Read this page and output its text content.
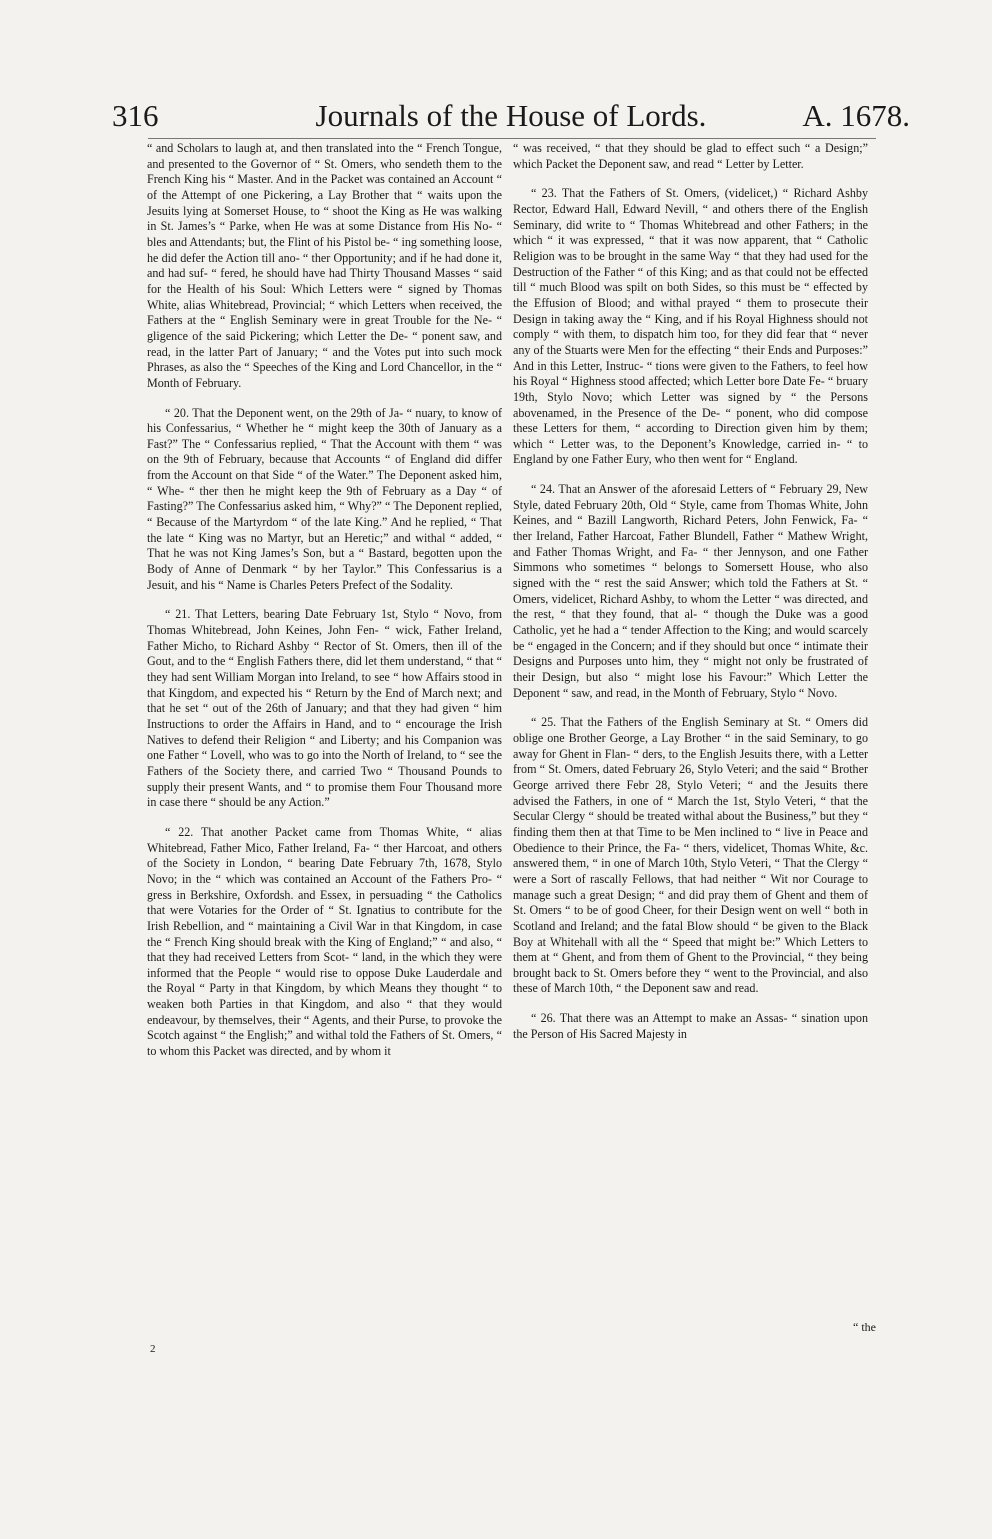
316	Journals of the House of Lords.	A. 1678.

“ and Scholars to laugh at, and then translated into the “ French Tongue, and presented to the Governor of “ St. Omers, who sendeth them to the French King his “ Master. And in the Packet was contained an Account “ of the Attempt of one Pickering, a Lay Brother that “ waits upon the Jesuits lying at Somerset House, to “ shoot the King as He was walking in St. James’s “ Parke, when He was at some Distance from His No- “ bles and Attendants; but, the Flint of his Pistol be- “ ing something loose, he did defer the Action till ano- “ ther Opportunity; and if he had done it, and had suf- “ fered, he should have had Thirty Thousand Masses “ said for the Health of his Soul: Which Letters were “ signed by Thomas White, alias Whitebread, Provincial; “ which Letters when received, the Fathers at the “ English Seminary were in great Trouble for the Ne- “ gligence of the said Pickering; which Letter the De- “ ponent saw, and read, in the latter Part of January; “ and the Votes put into such mock Phrases, as also the “ Speeches of the King and Lord Chancellor, in the “ Month of February.

“ 20. That the Deponent went, on the 29th of Ja- “ nuary, to know of his Confessarius, “ Whether he “ might keep the 30th of January as a Fast?” The “ Confessarius replied, “ That the Account with them “ was on the 9th of February, because that Accounts “ of England did differ from the Account on that Side “ of the Water.” The Deponent asked him, “ Whe- “ ther then he might keep the 9th of February as a Day “ of Fasting?” The Confessarius asked him, “ Why?” “ The Deponent replied, “ Because of the Martyrdom “ of the late King.” And he replied, “ That the late “ King was no Martyr, but an Heretic;” and withal “ added, “ That he was not King James’s Son, but a “ Bastard, begotten upon the Body of Anne of Denmark “ by her Taylor.” This Confessarius is a Jesuit, and his “ Name is Charles Peters Prefect of the Sodality.

“ 21. That Letters, bearing Date February 1st, Stylo “ Novo, from Thomas Whitebread, John Keines, John Fen- “ wick, Father Ireland, Father Micho, to Richard Ashby “ Rector of St. Omers, then ill of the Gout, and to the “ English Fathers there, did let them understand, “ that “ they had sent William Morgan into Ireland, to see “ how Affairs stood in that Kingdom, and expected his “ Return by the End of March next; and that he set “ out of the 26th of January; and that they had given “ him Instructions to order the Affairs in Hand, and to “ encourage the Irish Natives to defend their Religion “ and Liberty; and his Companion was one Father “ Lovell, who was to go into the North of Ireland, to “ see the Fathers of the Society there, and carried Two “ Thousand Pounds to supply their present Wants, and “ to promise them Four Thousand more in case there “ should be any Action.”

“ 22. That another Packet came from Thomas White, “ alias Whitebread, Father Mico, Father Ireland, Fa- “ ther Harcoat, and others of the Society in London, “ bearing Date February 7th, 1678, Stylo Novo; in the “ which was contained an Account of the Fathers Pro- “ gress in Berkshire, Oxfordsh. and Essex, in persuading “ the Catholics that were Votaries for the Order of “ St. Ignatius to contribute for the Irish Rebellion, and “ maintaining a Civil War in that Kingdom, in case the “ French King should break with the King of England;” “ and also, “ that they had received Letters from Scot- “ land, in the which they were informed that the People “ would rise to oppose Duke Lauderdale and the Royal “ Party in that Kingdom, by which Means they thought “ to weaken both Parties in that Kingdom, and also “ that they would endeavour, by themselves, their “ Agents, and their Purse, to provoke the Scotch against “ the English;” and withal told the Fathers of St. Omers, “ to whom this Packet was directed, and by whom it

“ was received, “ that they should be glad to effect such “ a Design;” which Packet the Deponent saw, and read “ Letter by Letter.

“ 23. That the Fathers of St. Omers, (videlicet,) “ Richard Ashby Rector, Edward Hall, Edward Nevill, “ and others there of the English Seminary, did write to “ Thomas Whitebread and other Fathers; in the which “ it was expressed, “ that it was now apparent, that “ Catholic Religion was to be brought in the same Way “ that they had used for the Destruction of the Father “ of this King; and as that could not be effected till “ much Blood was spilt on both Sides, so this must be “ effected by the Effusion of Blood; and withal prayed “ them to prosecute their Design in taking away the “ King, and if his Royal Highness should not comply “ with them, to dispatch him too, for they did fear that “ never any of the Stuarts were Men for the effecting “ their Ends and Purposes:” And in this Letter, Instruc- “ tions were given to the Fathers, to feel how his Royal “ Highness stood affected; which Letter bore Date Fe- “ bruary 19th, Stylo Novo; which Letter was signed by “ the Persons abovenamed, in the Presence of the De- “ ponent, who did compose these Letters for them, “ according to Direction given him by them; which “ Letter was, to the Deponent’s Knowledge, carried in- “ to England by one Father Eury, who then went for “ England.

“ 24. That an Answer of the aforesaid Letters of “ February 29, New Style, dated February 20th, Old “ Style, came from Thomas White, John Keines, and “ Bazill Langworth, Richard Peters, John Fenwick, Fa- “ ther Ireland, Father Harcoat, Father Blundell, Father “ Mathew Wright, and Father Thomas Wright, and Fa- “ ther Jennyson, and one Father Simmons who sometimes “ belongs to Somersett House, who also signed with the “ rest the said Answer; which told the Fathers at St. “ Omers, videlicet, Richard Ashby, to whom the Letter “ was directed, and the rest, “ that they found, that al- “ though the Duke was a good Catholic, yet he had a “ tender Affection to the King; and would scarcely be “ engaged in the Concern; and if they should but once “ intimate their Designs and Purposes unto him, they “ might not only be frustrated of their Design, but also “ might lose his Favour:” Which Letter the Deponent “ saw, and read, in the Month of February, Stylo “ Novo.

“ 25. That the Fathers of the English Seminary at St. “ Omers did oblige one Brother George, a Lay Brother “ in the said Seminary, to go away for Ghent in Flan- “ ders, to the English Jesuits there, with a Letter from “ St. Omers, dated February 26, Stylo Veteri; and the said “ Brother George arrived there Febr 28, Stylo Veteri; “ and the Jesuits there advised the Fathers, in one of “ March the 1st, Stylo Veteri, “ that the Secular Clergy “ should be treated withal about the Business,” but they “ finding them then at that Time to be Men inclined to “ live in Peace and Obedience to their Prince, the Fa- “ thers, videlicet, Thomas White, &c. answered them, “ in one of March 10th, Stylo Veteri, “ That the Clergy “ were a Sort of rascally Fellows, that had neither “ Wit nor Courage to manage such a great Design; “ and did pray them of Ghent and them of St. Omers “ to be of good Cheer, for their Design went on well “ both in Scotland and Ireland; and the fatal Blow should “ be given to the Black Boy at Whitehall with all the “ Speed that might be:” Which Letters to them at “ Ghent, and from them of Ghent to the Provincial, “ they being brought back to St. Omers before they “ went to the Provincial, and also these of March 10th, “ the Deponent saw and read.

“ 26. That there was an Attempt to make an Assas- “ sination upon the Person of His Sacred Majesty in

2
“ the
